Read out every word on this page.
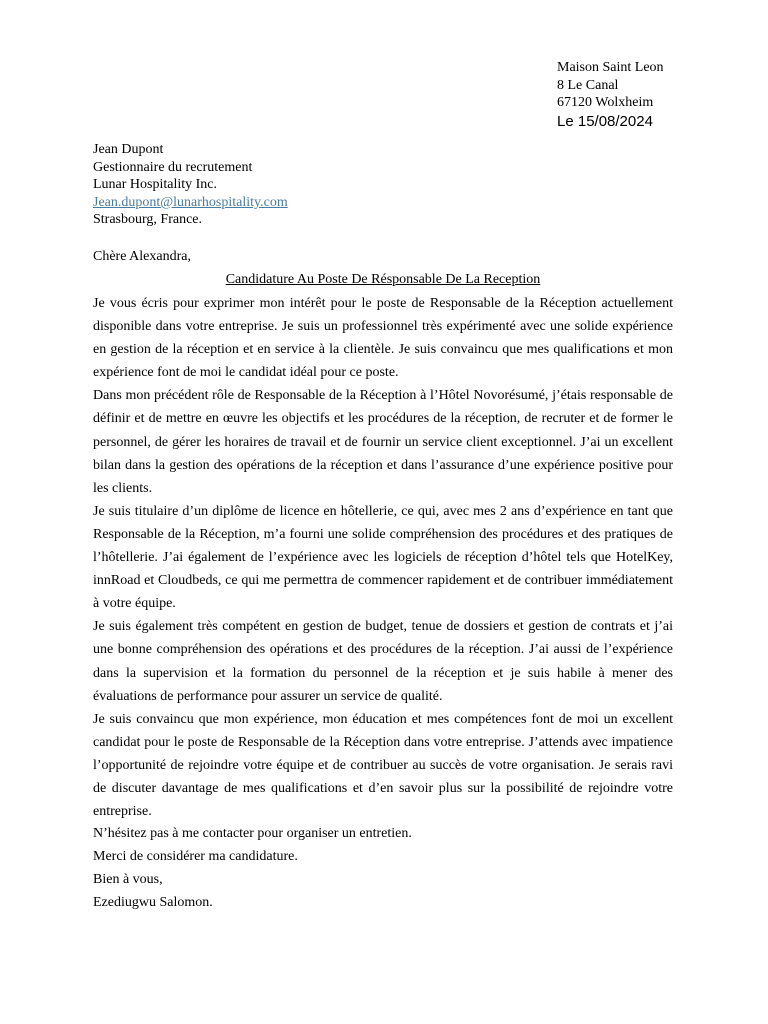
Maison Saint Leon
8 Le Canal
67120 Wolxheim
Le 15/08/2024
Jean Dupont
Gestionnaire du recrutement
Lunar Hospitality Inc.
Jean.dupont@lunarhospitality.com
Strasbourg, France.
Chère Alexandra,
Candidature Au Poste De Résponsable De La Reception

Je vous écris pour exprimer mon intérêt pour le poste de Responsable de la Réception actuellement disponible dans votre entreprise. Je suis un professionnel très expérimenté avec une solide expérience en gestion de la réception et en service à la clientèle. Je suis convaincu que mes qualifications et mon expérience font de moi le candidat idéal pour ce poste.

Dans mon précédent rôle de Responsable de la Réception à l’Hôtel Novorésumé, j’étais responsable de définir et de mettre en œuvre les objectifs et les procédures de la réception, de recruter et de former le personnel, de gérer les horaires de travail et de fournir un service client exceptionnel. J’ai un excellent bilan dans la gestion des opérations de la réception et dans l’assurance d’une expérience positive pour les clients.

Je suis titulaire d’un diplôme de licence en hôtellerie, ce qui, avec mes 2 ans d’expérience en tant que Responsable de la Réception, m’a fourni une solide compréhension des procédures et des pratiques de l’hôtellerie. J’ai également de l’expérience avec les logiciels de réception d’hôtel tels que HotelKey, innRoad et Cloudbeds, ce qui me permettra de commencer rapidement et de contribuer immédiatement à votre équipe.

Je suis également très compétent en gestion de budget, tenue de dossiers et gestion de contrats et j’ai une bonne compréhension des opérations et des procédures de la réception. J’ai aussi de l’expérience dans la supervision et la formation du personnel de la réception et je suis habile à mener des évaluations de performance pour assurer un service de qualité.

Je suis convaincu que mon expérience, mon éducation et mes compétences font de moi un excellent candidat pour le poste de Responsable de la Réception dans votre entreprise. J’attends avec impatience l’opportunité de rejoindre votre équipe et de contribuer au succès de votre organisation. Je serais ravi de discuter davantage de mes qualifications et d’en savoir plus sur la possibilité de rejoindre votre entreprise.

N’hésitez pas à me contacter pour organiser un entretien.

Merci de considérer ma candidature.

Bien à vous,

Ezediugwu Salomon.
